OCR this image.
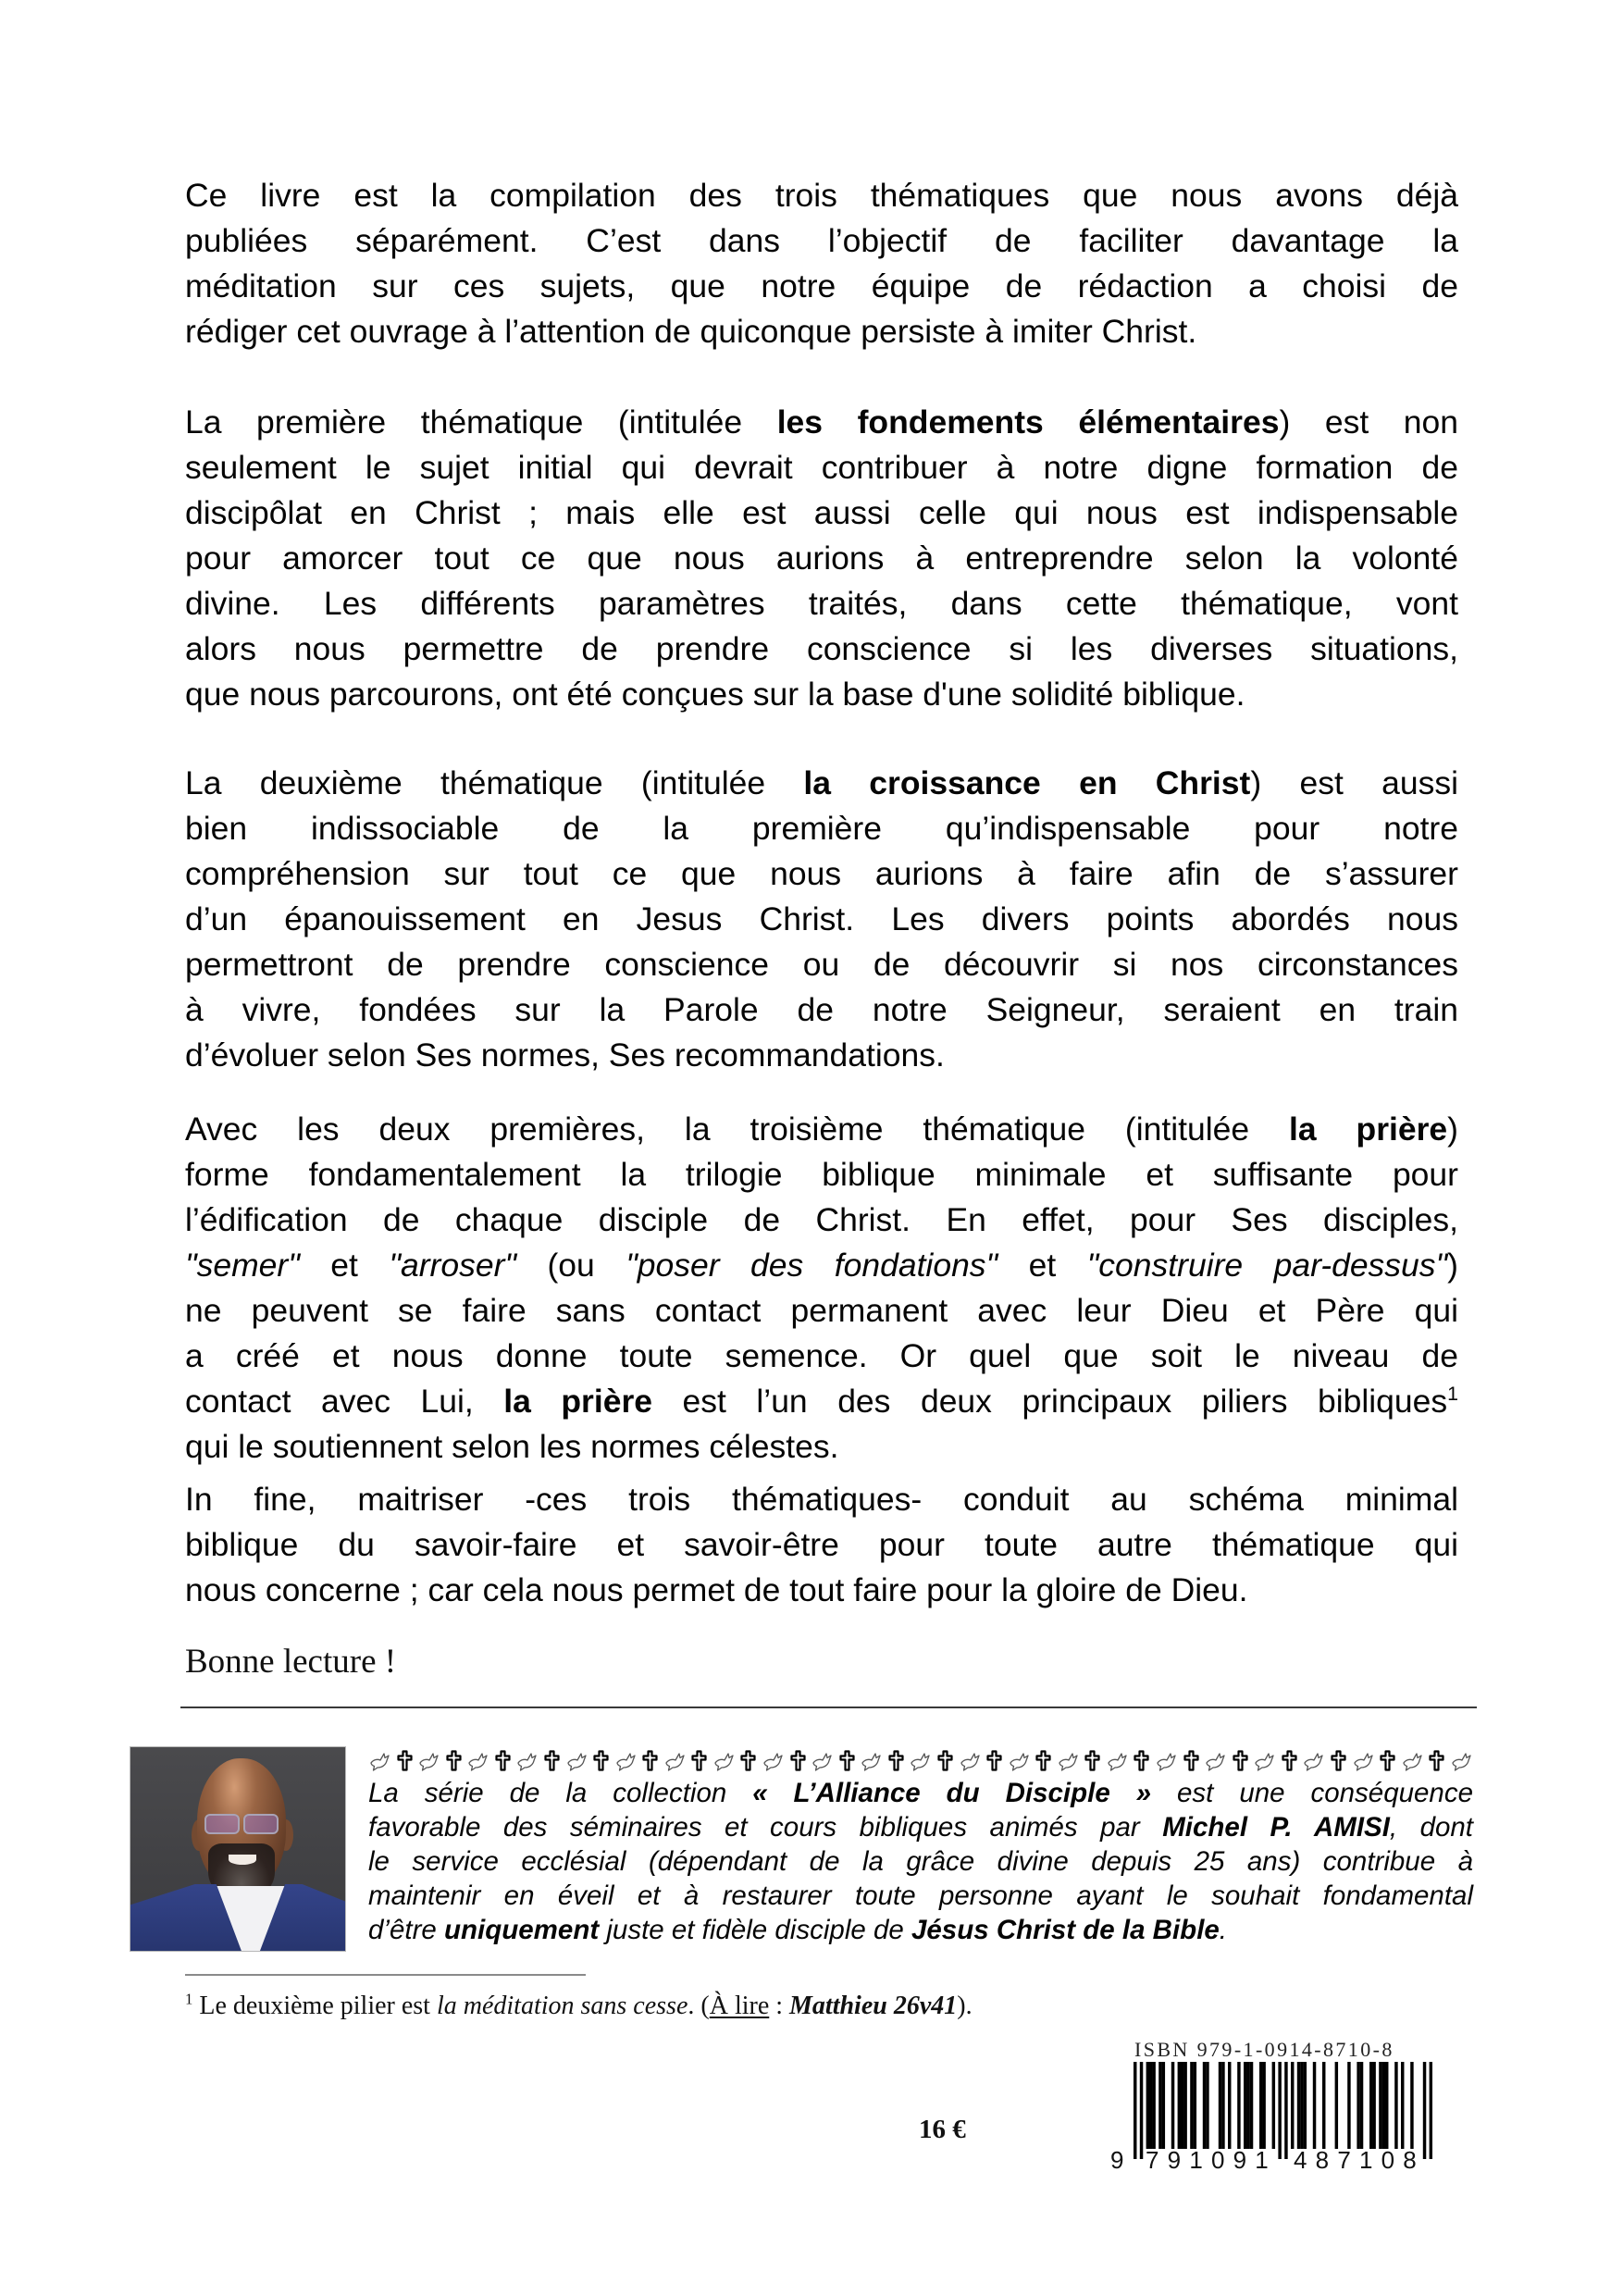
Ce livre est la compilation des trois thématiques que nous avons déjà
publiées séparément. C’est dans l’objectif de faciliter davantage la
méditation sur ces sujets, que notre équipe de rédaction a choisi de
rédiger cet ouvrage à l’attention de quiconque persiste à imiter Christ.
La première thématique (intitulée les fondements élémentaires) est non
seulement le sujet initial qui devrait contribuer à notre digne formation de
discipôlat en Christ ; mais elle est aussi celle qui nous est indispensable
pour amorcer tout ce que nous aurions à entreprendre selon la volonté
divine. Les différents paramètres traités, dans cette thématique, vont
alors nous permettre de prendre conscience si les diverses situations,
que nous parcourons, ont été conçues sur la base d'une solidité biblique.
La deuxième thématique (intitulée la croissance en Christ) est aussi
bien indissociable de la première qu’indispensable pour notre
compréhension sur tout ce que nous aurions à faire afin de s’assurer
d’un épanouissement en Jesus Christ. Les divers points abordés nous
permettront de prendre conscience ou de découvrir si nos circonstances
à vivre, fondées sur la Parole de notre Seigneur, seraient en train
d’évoluer selon Ses normes, Ses recommandations.
Avec les deux premières, la troisième thématique (intitulée la prière)
forme fondamentalement la trilogie biblique minimale et suffisante pour
l’édification de chaque disciple de Christ. En effet, pour Ses disciples,
"semer" et "arroser" (ou "poser des fondations" et "construire par-dessus")
ne peuvent se faire sans contact permanent avec leur Dieu et Père qui
a créé et nous donne toute semence. Or quel que soit le niveau de
contact avec Lui, la prière est l’un des deux principaux piliers bibliques$^1$
qui le soutiennent selon les normes célestes.
In fine, maitriser -ces trois thématiques- conduit au schéma minimal
biblique du savoir-faire et savoir-être pour toute autre thématique qui
nous concerne ; car cela nous permet de tout faire pour la gloire de Dieu.
Bonne lecture !
La série de la collection « L’Alliance du Disciple » est une conséquence
favorable des séminaires et cours bibliques animés par Michel P. AMISI, dont
le service ecclésial (dépendant de la grâce divine depuis 25 ans) contribue à
maintenir en éveil et à restaurer toute personne ayant le souhait fondamental
d’être uniquement juste et fidèle disciple de Jésus Christ de la Bible.
$^1$ Le deuxième pilier est la méditation sans cesse. (À lire : Matthieu 26v41).
16 €
ISBN 979-1-0914-8710-8
9 791091 487108
